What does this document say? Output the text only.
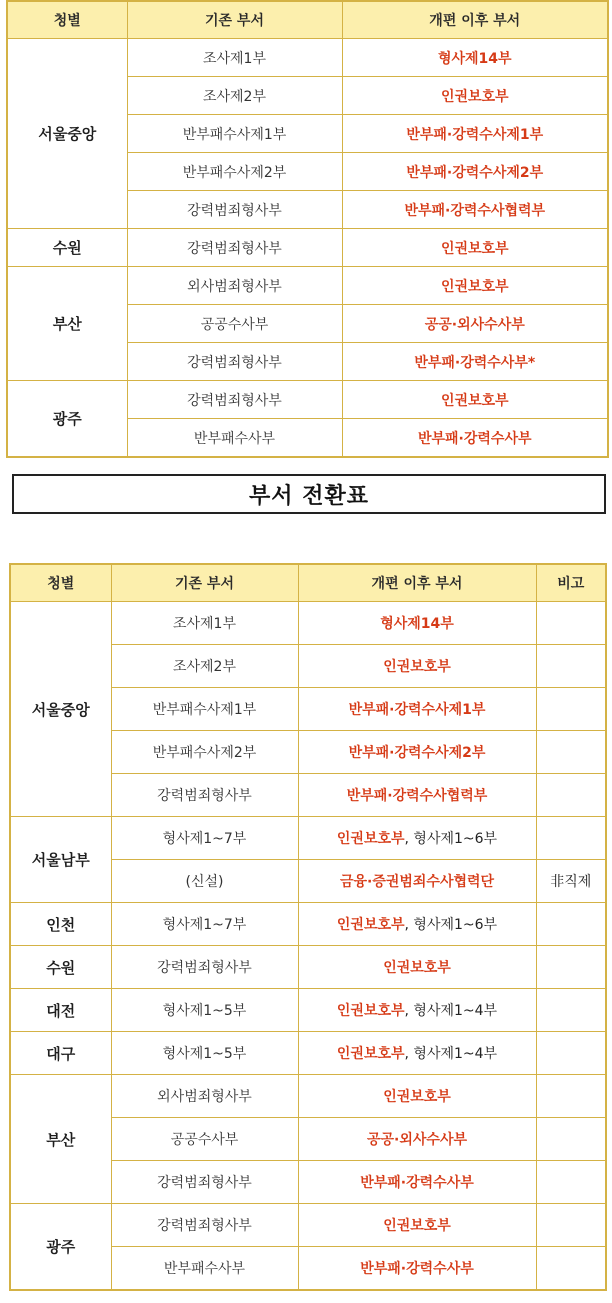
청별	기존 부서	개편 이후 부서
서울중앙	조사제1부	형사제14부
	조사제2부	인권보호부
	반부패수사제1부	반부패·강력수사제1부
	반부패수사제2부	반부패·강력수사제2부
	강력범죄형사부	반부패·강력수사협력부
수원	강력범죄형사부	인권보호부
부산	외사범죄형사부	인권보호부
	공공수사부	공공·외사수사부
	강력범죄형사부	반부패·강력수사부*
광주	강력범죄형사부	인권보호부
	반부패수사부	반부패·강력수사부
부서 전환표
청별	기존 부서	개편 이후 부서	비고
서울중앙	조사제1부	형사제14부	
	조사제2부	인권보호부	
	반부패수사제1부	반부패·강력수사제1부	
	반부패수사제2부	반부패·강력수사제2부	
	강력범죄형사부	반부패·강력수사협력부	
서울남부	형사제1~7부	인권보호부, 형사제1~6부	
	(신설)	금융·증권범죄수사협력단	非직제
인천	형사제1~7부	인권보호부, 형사제1~6부	
수원	강력범죄형사부	인권보호부	
대전	형사제1~5부	인권보호부, 형사제1~4부	
대구	형사제1~5부	인권보호부, 형사제1~4부	
부산	외사범죄형사부	인권보호부	
	공공수사부	공공·외사수사부	
	강력범죄형사부	반부패·강력수사부	
광주	강력범죄형사부	인권보호부	
	반부패수사부	반부패·강력수사부	
